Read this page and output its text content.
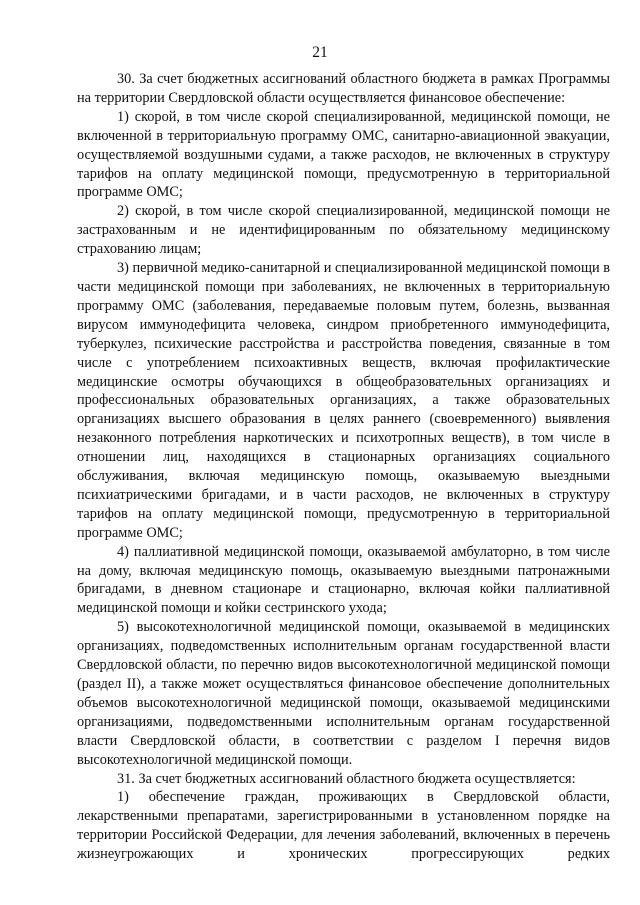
21

30. За счет бюджетных ассигнований областного бюджета в рамках Программы на территории Свердловской области осуществляется финансовое обеспечение:

1) скорой, в том числе скорой специализированной, медицинской помощи, не включенной в территориальную программу ОМС, санитарно-авиационной эвакуации, осуществляемой воздушными судами, а также расходов, не включенных в структуру тарифов на оплату медицинской помощи, предусмотренную в территориальной программе ОМС;

2) скорой, в том числе скорой специализированной, медицинской помощи не застрахованным и не идентифицированным по обязательному медицинскому страхованию лицам;

3) первичной медико-санитарной и специализированной медицинской помощи в части медицинской помощи при заболеваниях, не включенных в территориальную программу ОМС (заболевания, передаваемые половым путем, болезнь, вызванная вирусом иммунодефицита человека, синдром приобретенного иммунодефицита, туберкулез, психические расстройства и расстройства поведения, связанные в том числе с употреблением психоактивных веществ, включая профилактические медицинские осмотры обучающихся в общеобразовательных организациях и профессиональных образовательных организациях, а также образовательных организациях высшего образования в целях раннего (своевременного) выявления незаконного потребления наркотических и психотропных веществ), в том числе в отношении лиц, находящихся в стационарных организациях социального обслуживания, включая медицинскую помощь, оказываемую выездными психиатрическими бригадами, и в части расходов, не включенных в структуру тарифов на оплату медицинской помощи, предусмотренную в территориальной программе ОМС;

4) паллиативной медицинской помощи, оказываемой амбулаторно, в том числе на дому, включая медицинскую помощь, оказываемую выездными патронажными бригадами, в дневном стационаре и стационарно, включая койки паллиативной медицинской помощи и койки сестринского ухода;

5) высокотехнологичной медицинской помощи, оказываемой в медицинских организациях, подведомственных исполнительным органам государственной власти Свердловской области, по перечню видов высокотехнологичной медицинской помощи (раздел II), а также может осуществляться финансовое обеспечение дополнительных объемов высокотехнологичной медицинской помощи, оказываемой медицинскими организациями, подведомственными исполнительным органам государственной власти Свердловской области, в соответствии с разделом I перечня видов высокотехнологичной медицинской помощи.

31. За счет бюджетных ассигнований областного бюджета осуществляется:

1) обеспечение граждан, проживающих в Свердловской области, лекарственными препаратами, зарегистрированными в установленном порядке на территории Российской Федерации, для лечения заболеваний, включенных в перечень жизнеугрожающих и хронических прогрессирующих редких
